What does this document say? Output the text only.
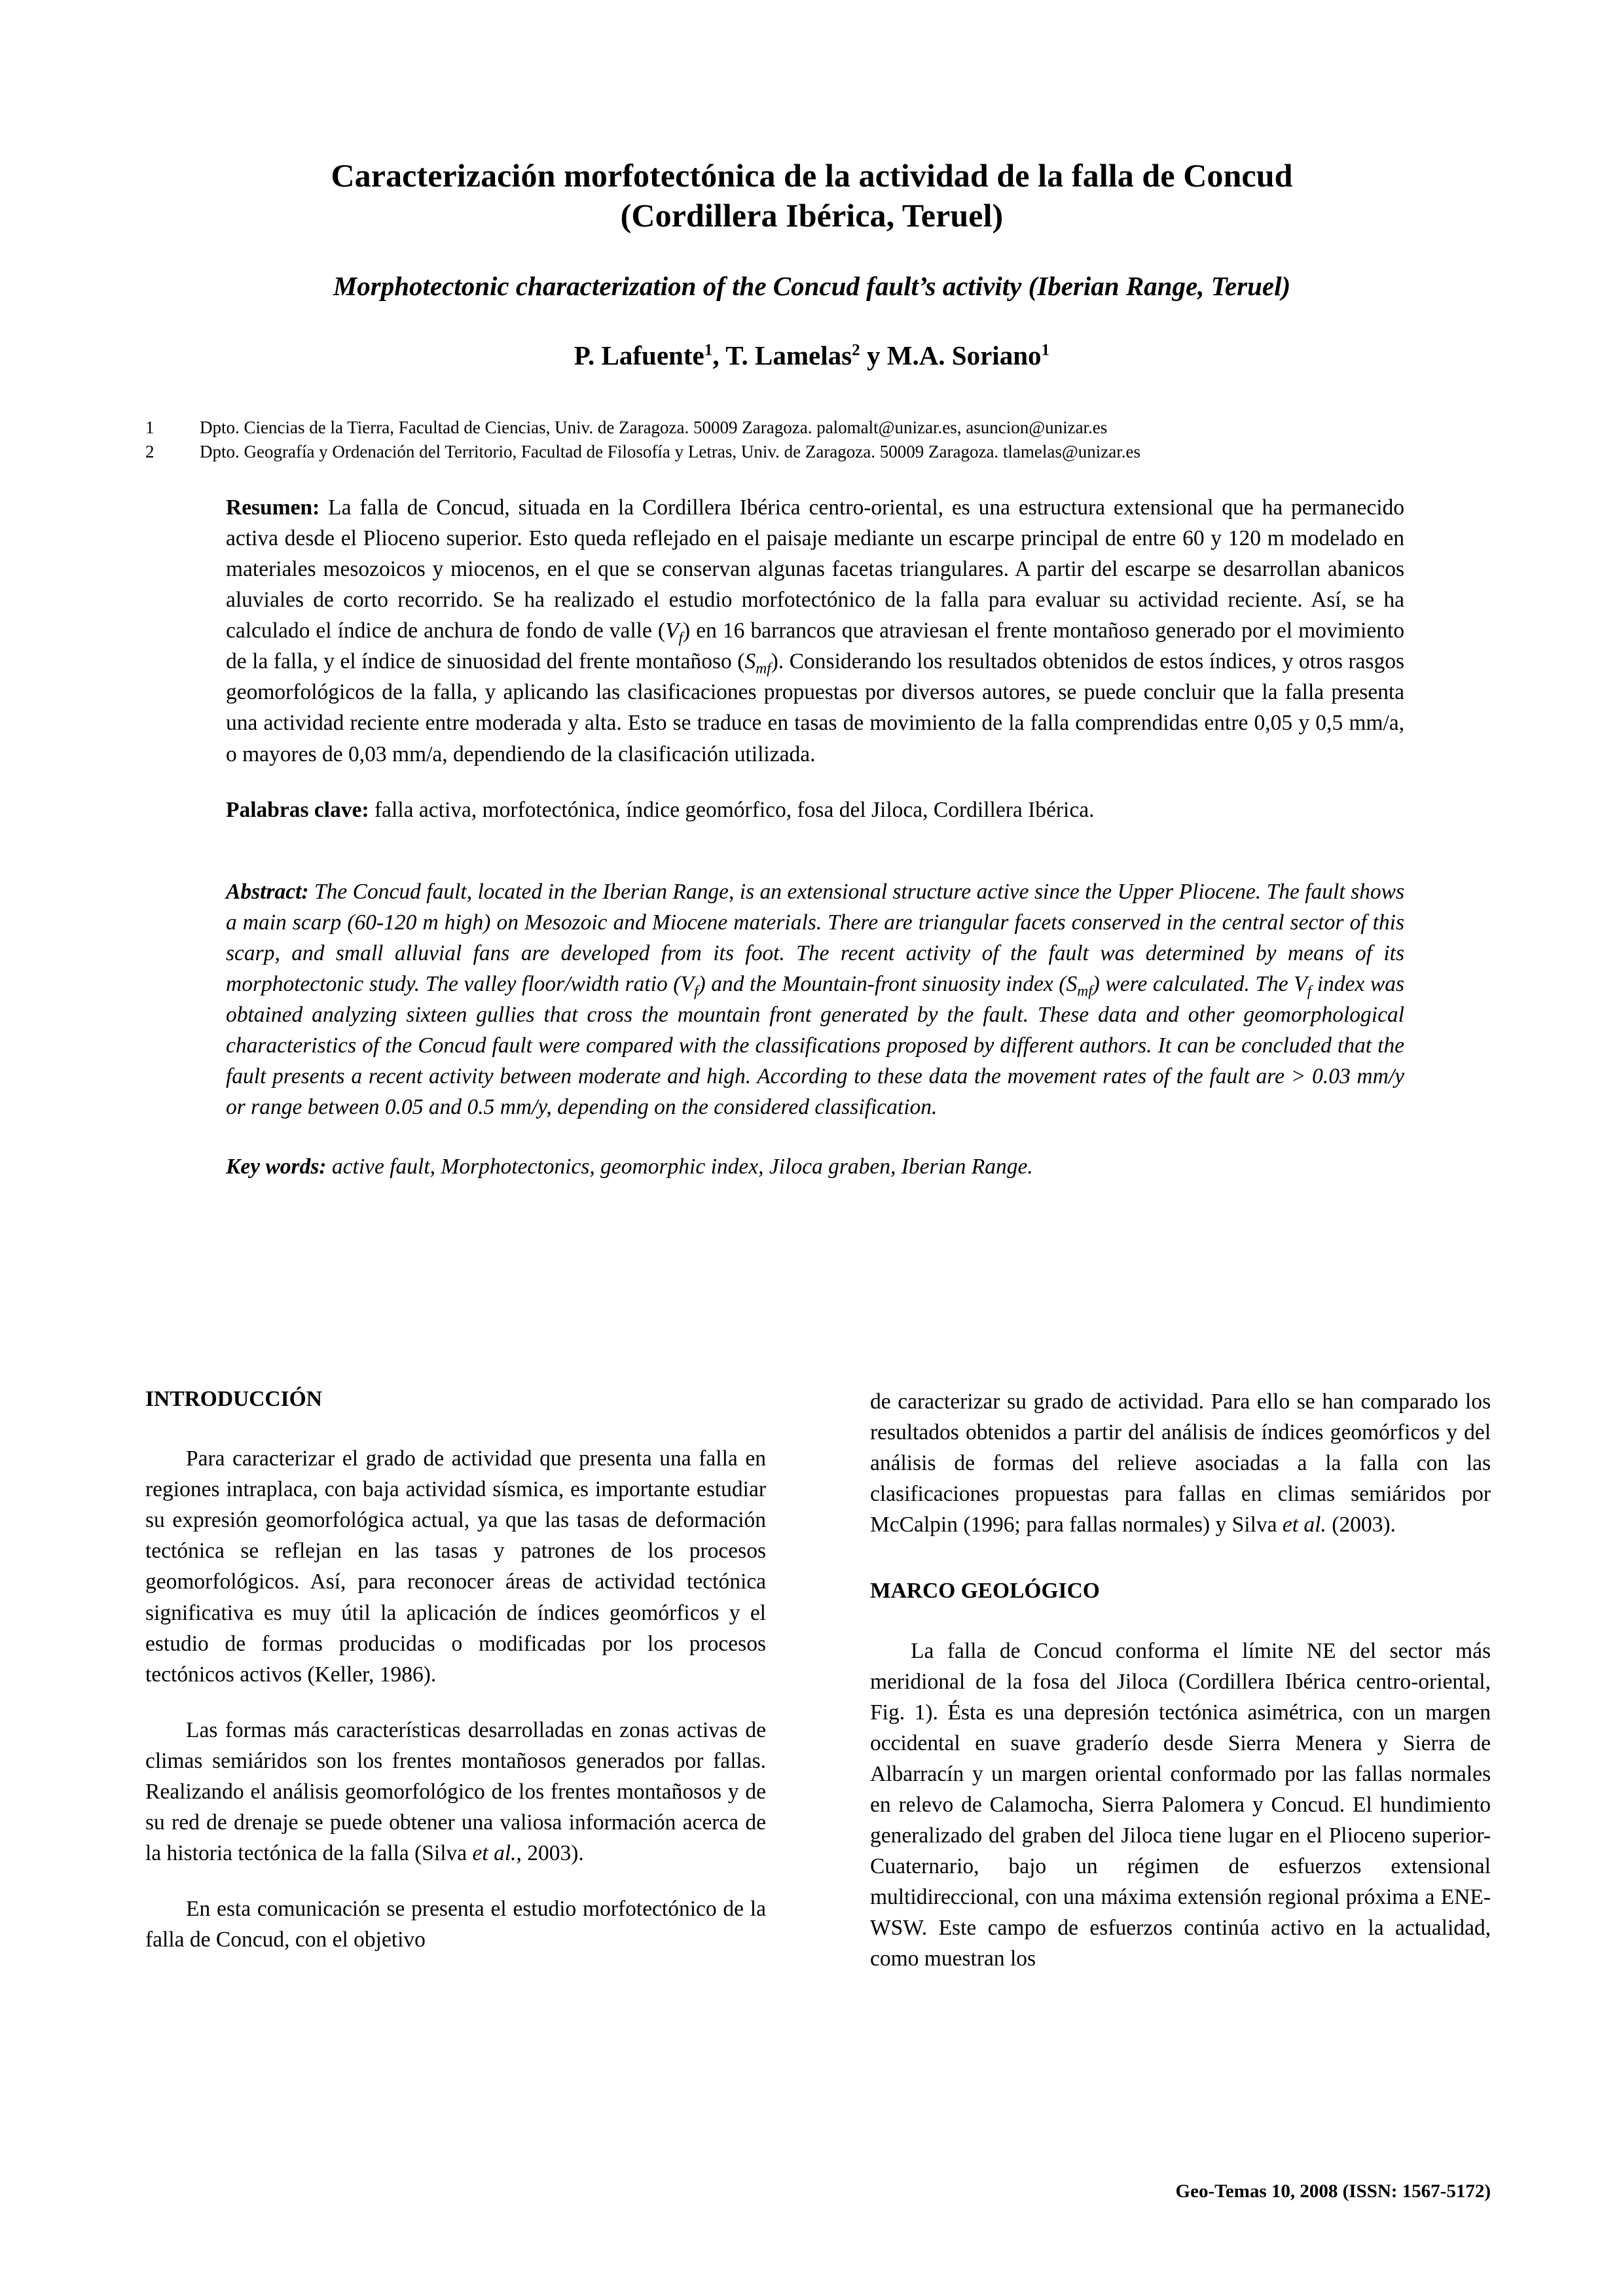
Caracterización morfotectónica de la actividad de la falla de Concud
(Cordillera Ibérica, Teruel)
Morphotectonic characterization of the Concud fault’s activity (Iberian Range, Teruel)
P. Lafuente$^1$, T. Lamelas$^2$ y M.A. Soriano$^1$
1	Dpto. Ciencias de la Tierra, Facultad de Ciencias, Univ. de Zaragoza. 50009 Zaragoza. palomalt@unizar.es, asuncion@unizar.es
2	Dpto. Geografía y Ordenación del Territorio, Facultad de Filosofía y Letras, Univ. de Zaragoza. 50009 Zaragoza. tlamelas@unizar.es

Resumen: La falla de Concud, situada en la Cordillera Ibérica centro-oriental, es una estructura extensional que ha permanecido activa desde el Plioceno superior. Esto queda reflejado en el paisaje mediante un escarpe principal de entre 60 y 120 m modelado en materiales mesozoicos y miocenos, en el que se conservan algunas facetas triangulares. A partir del escarpe se desarrollan abanicos aluviales de corto recorrido. Se ha realizado el estudio morfotectónico de la falla para evaluar su actividad reciente. Así, se ha calculado el índice de anchura de fondo de valle $(V_f)$ en 16 barrancos que atraviesan el frente montañoso generado por el movimiento de la falla, y el índice de sinuosidad del frente montañoso $(S_{mf})$. Considerando los resultados obtenidos de estos índices, y otros rasgos geomorfológicos de la falla, y aplicando las clasificaciones propuestas por diversos autores, se puede concluir que la falla presenta una actividad reciente entre moderada y alta. Esto se traduce en tasas de movimiento de la falla comprendidas entre 0,05 y 0,5 mm/a, o mayores de 0,03 mm/a, dependiendo de la clasificación utilizada.

Palabras clave: falla activa, morfotectónica, índice geomórfico, fosa del Jiloca, Cordillera Ibérica.

Abstract: The Concud fault, located in the Iberian Range, is an extensional structure active since the Upper Pliocene. The fault shows a main scarp (60-120 m high) on Mesozoic and Miocene materials. There are triangular facets conserved in the central sector of this scarp, and small alluvial fans are developed from its foot. The recent activity of the fault was determined by means of its morphotectonic study. The valley floor/width ratio $(V_f)$ and the Mountain-front sinuosity index $(S_{mf})$ were calculated. The $V_f$ index was obtained analyzing sixteen gullies that cross the mountain front generated by the fault. These data and other geomorphological characteristics of the Concud fault were compared with the classifications proposed by different authors. It can be concluded that the fault presents a recent activity between moderate and high. According to these data the movement rates of the fault are > 0.03 mm/y or range between 0.05 and 0.5 mm/y, depending on the considered classification.

Key words: active fault, Morphotectonics, geomorphic index, Jiloca graben, Iberian Range.

INTRODUCCIÓN

Para caracterizar el grado de actividad que presenta una falla en regiones intraplaca, con baja actividad sísmica, es importante estudiar su expresión geomorfológica actual, ya que las tasas de deformación tectónica se reflejan en las tasas y patrones de los procesos geomorfológicos. Así, para reconocer áreas de actividad tectónica significativa es muy útil la aplicación de índices geomórficos y el estudio de formas producidas o modificadas por los procesos tectónicos activos (Keller, 1986).

Las formas más características desarrolladas en zonas activas de climas semiáridos son los frentes montañosos generados por fallas. Realizando el análisis geomorfológico de los frentes montañosos y de su red de drenaje se puede obtener una valiosa información acerca de la historia tectónica de la falla (Silva et al., 2003).

En esta comunicación se presenta el estudio morfotectónico de la falla de Concud, con el objetivo

de caracterizar su grado de actividad. Para ello se han comparado los resultados obtenidos a partir del análisis de índices geomórficos y del análisis de formas del relieve asociadas a la falla con las clasificaciones propuestas para fallas en climas semiáridos por McCalpin (1996; para fallas normales) y Silva et al. (2003).

MARCO GEOLÓGICO

La falla de Concud conforma el límite NE del sector más meridional de la fosa del Jiloca (Cordillera Ibérica centro-oriental, Fig. 1). Ésta es una depresión tectónica asimétrica, con un margen occidental en suave graderío desde Sierra Menera y Sierra de Albarracín y un margen oriental conformado por las fallas normales en relevo de Calamocha, Sierra Palomera y Concud. El hundimiento generalizado del graben del Jiloca tiene lugar en el Plioceno superior-Cuaternario, bajo un régimen de esfuerzos extensional multidireccional, con una máxima extensión regional próxima a ENE-WSW. Este campo de esfuerzos continúa activo en la actualidad, como muestran los

Geo-Temas 10, 2008 (ISSN: 1567-5172)
